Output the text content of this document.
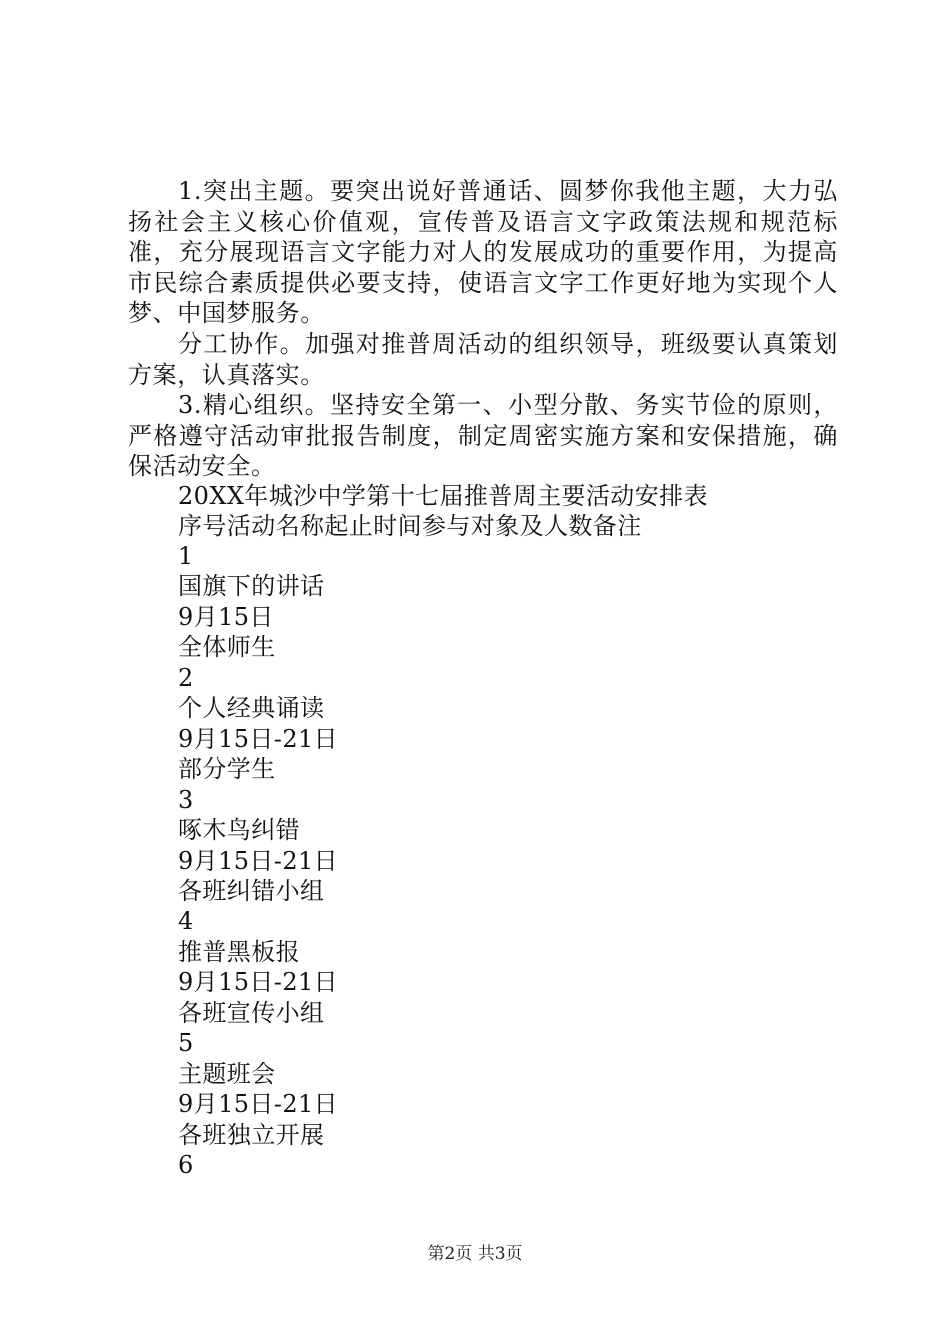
1.突出主题。要突出说好普通话、圆梦你我他主题，大力弘扬社会主义核心价值观，宣传普及语言文字政策法规和规范标准，充分展现语言文字能力对人的发展成功的重要作用，为提高市民综合素质提供必要支持，使语言文字工作更好地为实现个人梦、中国梦服务。

分工协作。加强对推普周活动的组织领导，班级要认真策划方案，认真落实。

3.精心组织。坚持安全第一、小型分散、务实节俭的原则，严格遵守活动审批报告制度，制定周密实施方案和安保措施，确保活动安全。

20XX年城沙中学第十七届推普周主要活动安排表

序号活动名称起止时间参与对象及人数备注

1
国旗下的讲话
9月15日
全体师生
2
个人经典诵读
9月15日-21日
部分学生
3
啄木鸟纠错
9月15日-21日
各班纠错小组
4
推普黑板报
9月15日-21日
各班宣传小组
5
主题班会
9月15日-21日
各班独立开展
6
第2页 共3页
